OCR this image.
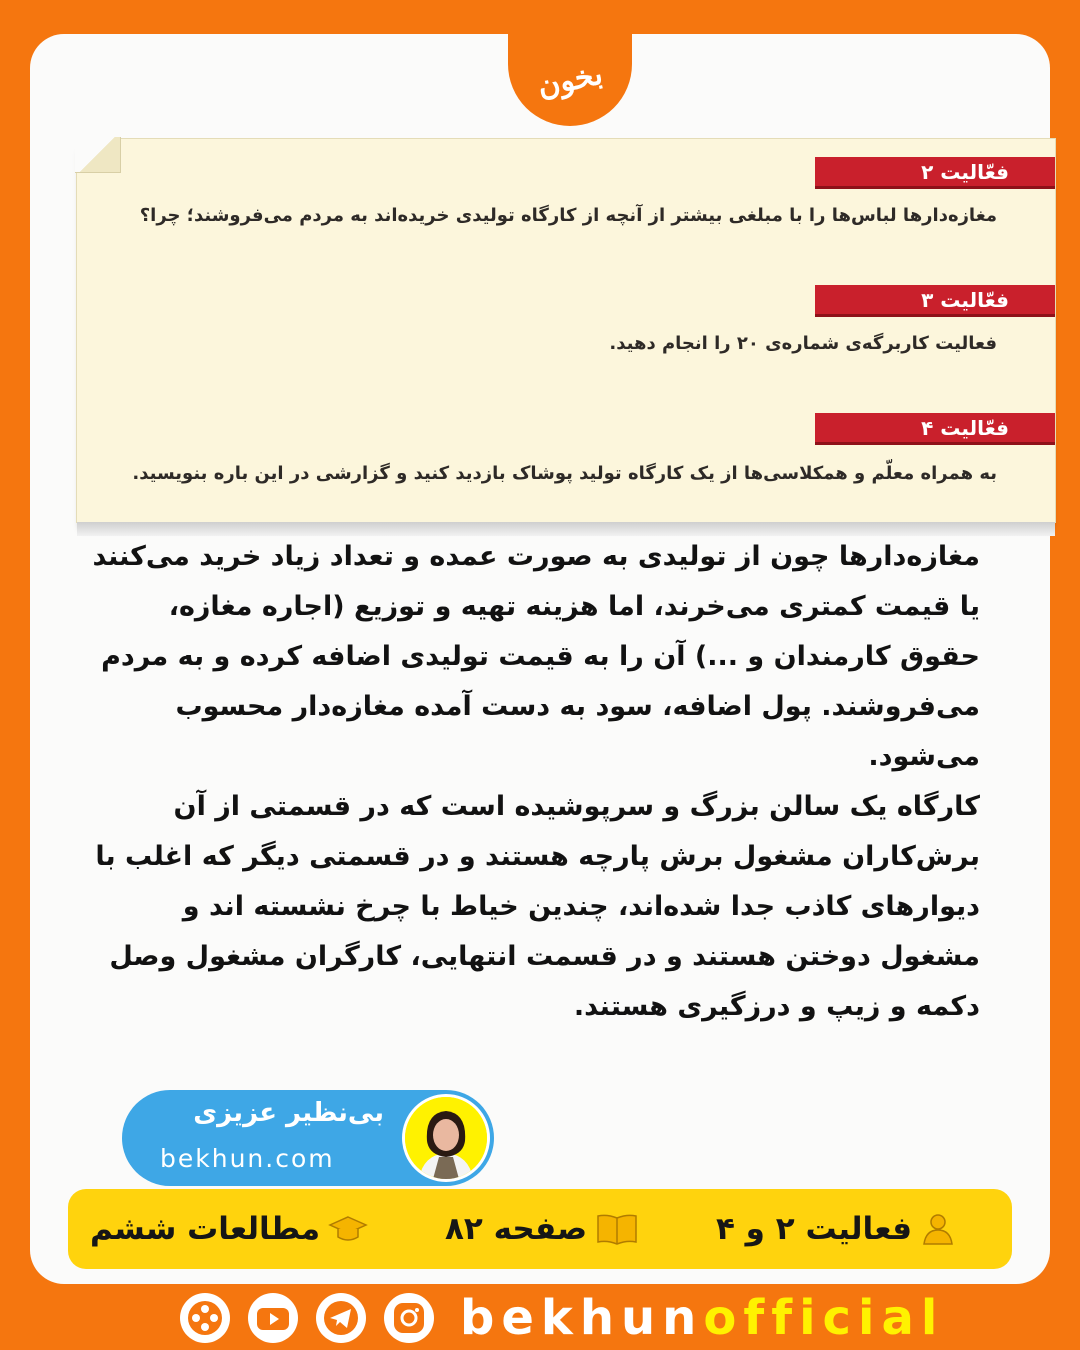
بخون
فعّالیت ۲
مغازه‌دارها لباس‌ها را با مبلغی بیشتر از آنچه از کارگاه تولیدی خریده‌اند به مردم می‌فروشند؛ چرا؟
فعّالیت ۳
فعالیت کاربرگه‌ی شماره‌ی ۲۰ را انجام دهید.
فعّالیت ۴
به همراه معلّم و همکلاسی‌ها از یک کارگاه تولید پوشاک بازدید کنید و گزارشی در این باره بنویسید.
بی‌نظیر عزیزی
bekhun.com

مغازه‌دارها چون از تولیدی به صورت عمده و تعداد زیاد خرید می‌کنند یا قیمت کمتری می‌خرند، اما هزینه تهیه و توزیع (اجاره مغازه، حقوق کارمندان و ...) آن را به قیمت تولیدی اضافه کرده و به مردم می‌فروشند. پول اضافه، سود به دست آمده مغازه‌دار محسوب می‌شود.

کارگاه یک سالن بزرگ و سرپوشیده است که در قسمتی از آن برش‌کاران مشغول برش پارچه هستند و در قسمتی دیگر که اغلب با دیوارهای کاذب جدا شده‌اند، چندین خیاط با چرخ نشسته اند و مشغول دوختن هستند و در قسمت انتهایی، کارگران مشغول وصل دکمه و زیپ و درزگیری هستند.

مطالعات ششم	صفحه ۸۲	فعالیت ۲ و ۴
bekhunofficial
